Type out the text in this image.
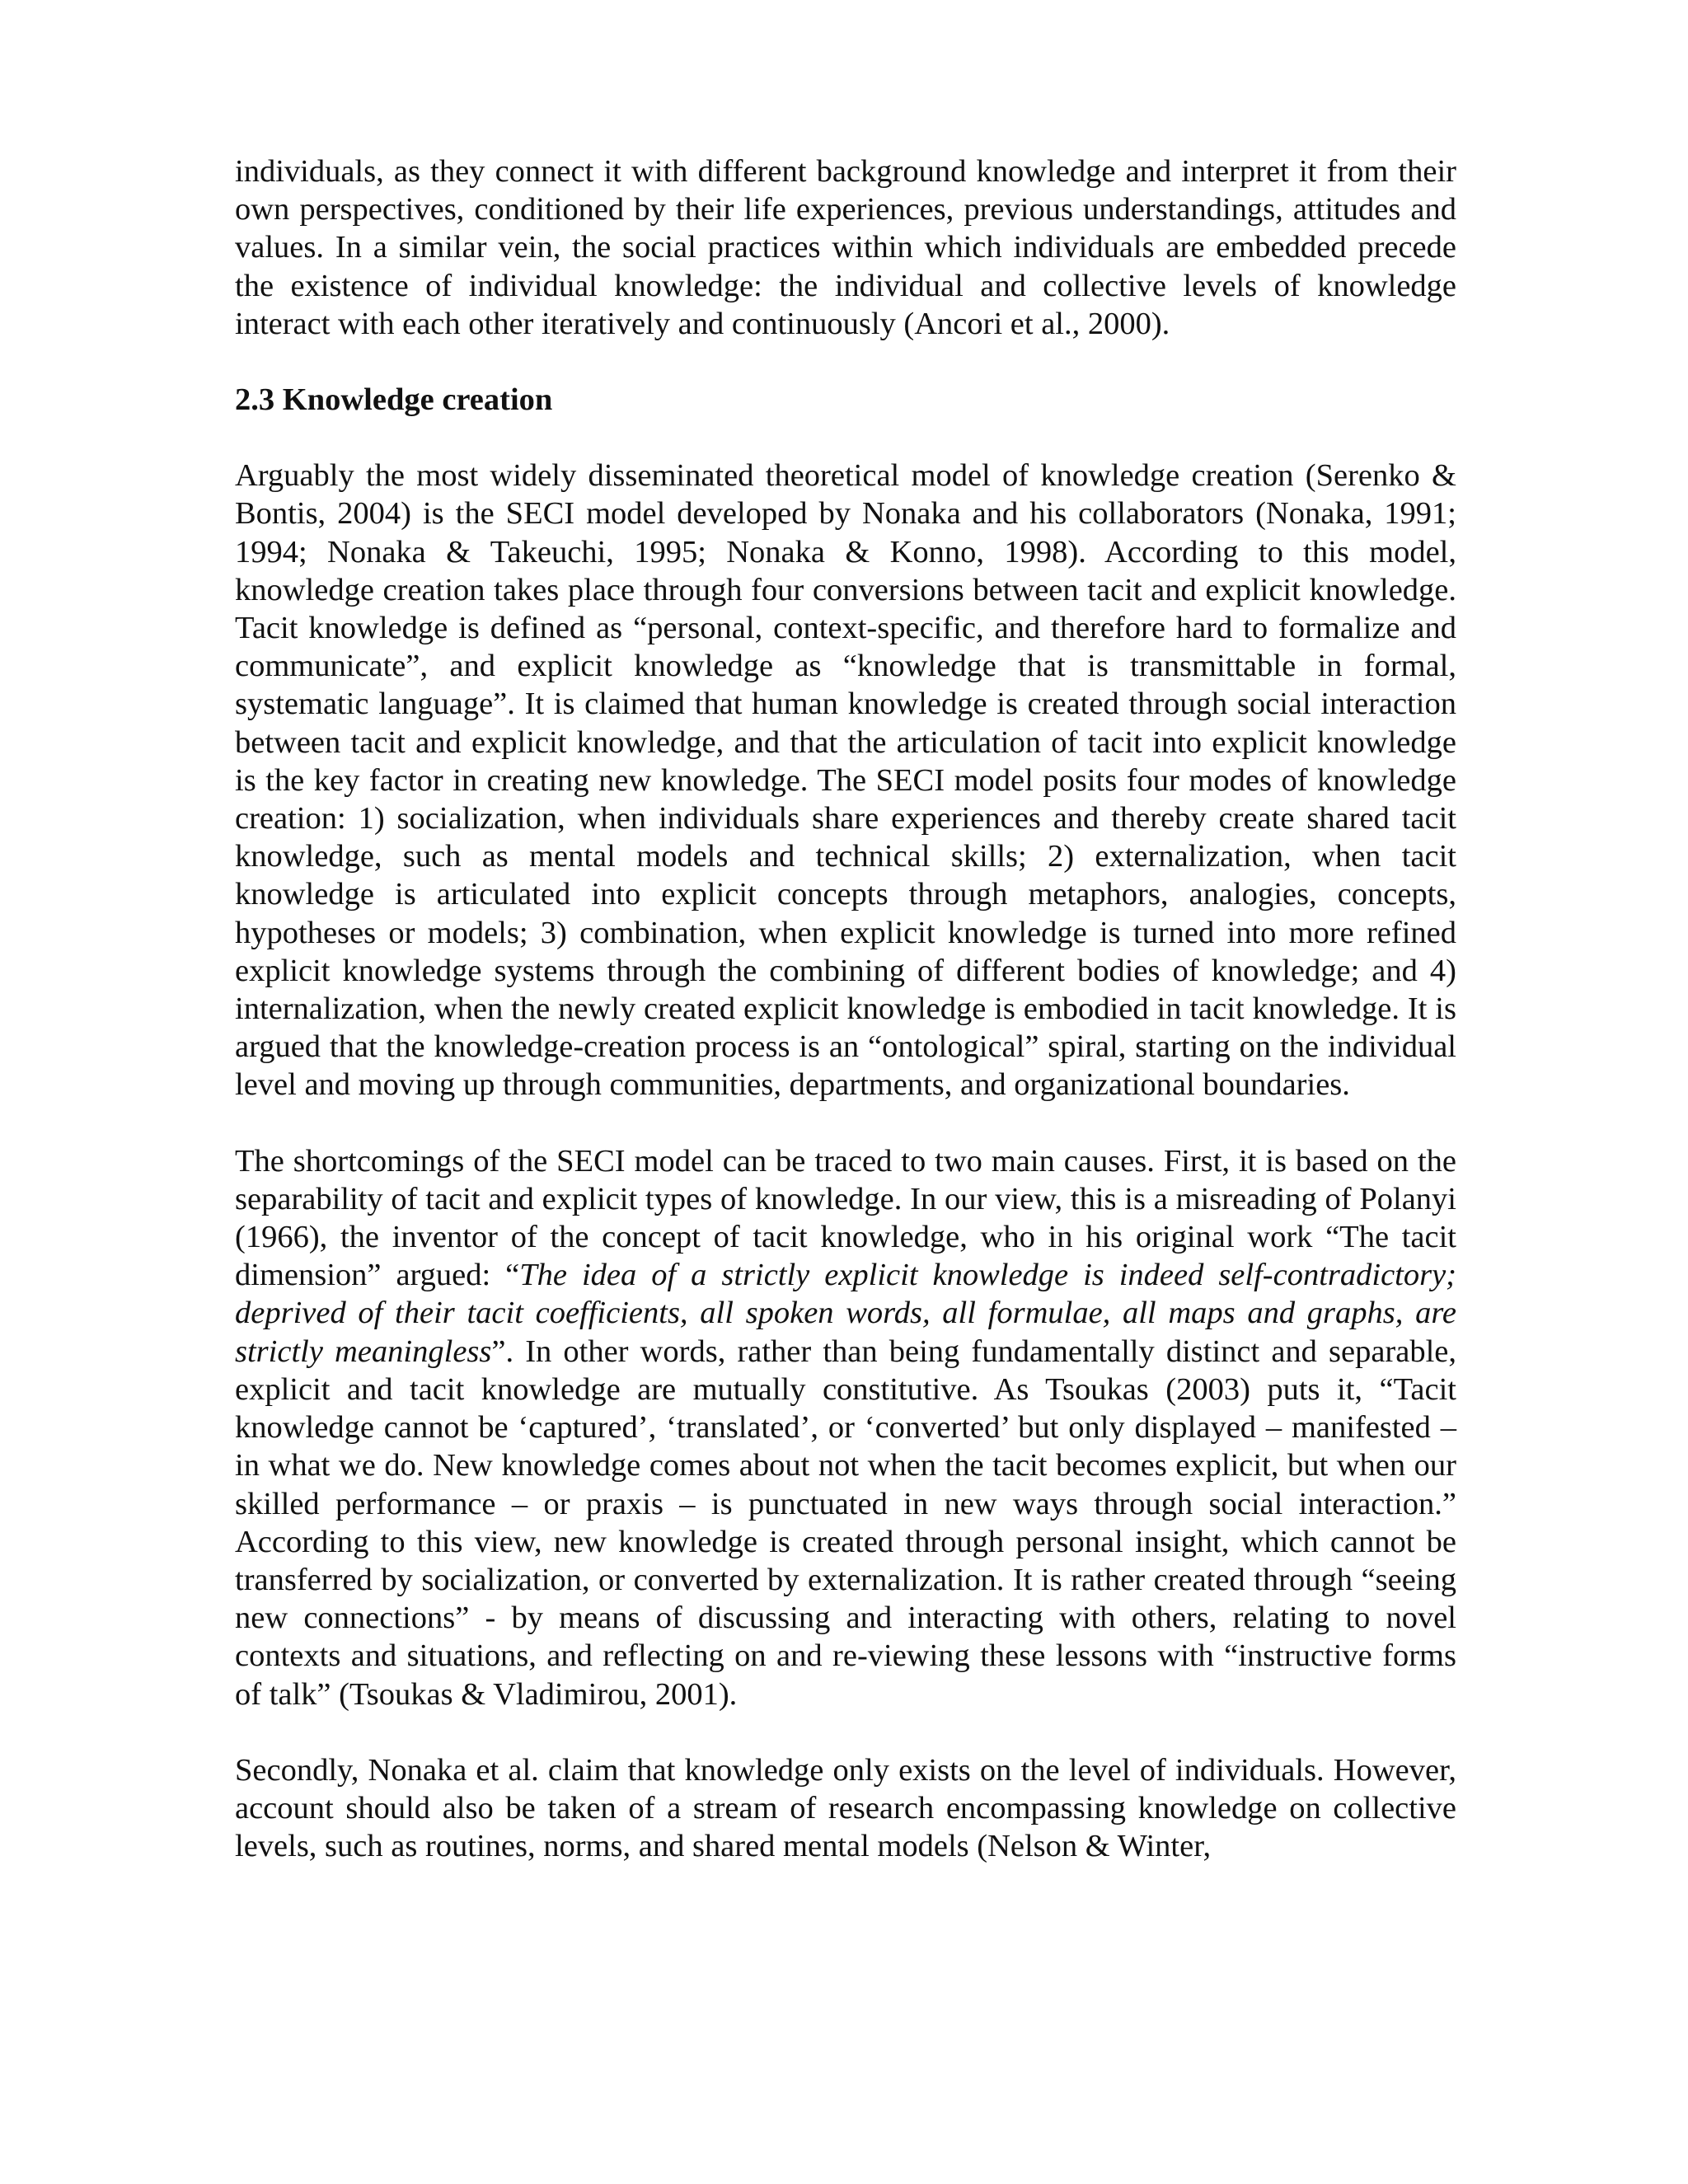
individuals, as they connect it with different background knowledge and interpret it from their own perspectives, conditioned by their life experiences, previous understandings, attitudes and values. In a similar vein, the social practices within which individuals are embedded precede the existence of individual knowledge: the individual and collective levels of knowledge interact with each other iteratively and continuously (Ancori et al., 2000).

2.3 Knowledge creation

Arguably the most widely disseminated theoretical model of knowledge creation (Serenko & Bontis, 2004) is the SECI model developed by Nonaka and his collaborators (Nonaka, 1991; 1994; Nonaka & Takeuchi, 1995; Nonaka & Konno, 1998). According to this model, knowledge creation takes place through four conversions between tacit and explicit knowledge. Tacit knowledge is defined as “personal, context-specific, and therefore hard to formalize and communicate”, and explicit knowledge as “knowledge that is transmittable in formal, systematic language”. It is claimed that human knowledge is created through social interaction between tacit and explicit knowledge, and that the articulation of tacit into explicit knowledge is the key factor in creating new knowledge. The SECI model posits four modes of knowledge creation: 1) socialization, when individuals share experiences and thereby create shared tacit knowledge, such as mental models and technical skills; 2) externalization, when tacit knowledge is articulated into explicit concepts through metaphors, analogies, concepts, hypotheses or models; 3) combination, when explicit knowledge is turned into more refined explicit knowledge systems through the combining of different bodies of knowledge; and 4) internalization, when the newly created explicit knowledge is embodied in tacit knowledge. It is argued that the knowledge-creation process is an “ontological” spiral, starting on the individual level and moving up through communities, departments, and organizational boundaries.

The shortcomings of the SECI model can be traced to two main causes. First, it is based on the separability of tacit and explicit types of knowledge. In our view, this is a misreading of Polanyi (1966), the inventor of the concept of tacit knowledge, who in his original work “The tacit dimension” argued: “The idea of a strictly explicit knowledge is indeed self-contradictory; deprived of their tacit coefficients, all spoken words, all formulae, all maps and graphs, are strictly meaningless”. In other words, rather than being fundamentally distinct and separable, explicit and tacit knowledge are mutually constitutive. As Tsoukas (2003) puts it, “Tacit knowledge cannot be ‘captured’, ‘translated’, or ‘converted’ but only displayed – manifested – in what we do. New knowledge comes about not when the tacit becomes explicit, but when our skilled performance – or praxis – is punctuated in new ways through social interaction.” According to this view, new knowledge is created through personal insight, which cannot be transferred by socialization, or converted by externalization. It is rather created through “seeing new connections” - by means of discussing and interacting with others, relating to novel contexts and situations, and reflecting on and re-viewing these lessons with “instructive forms of talk” (Tsoukas & Vladimirou, 2001).

Secondly, Nonaka et al. claim that knowledge only exists on the level of individuals. However, account should also be taken of a stream of research encompassing knowledge on collective levels, such as routines, norms, and shared mental models (Nelson & Winter,
